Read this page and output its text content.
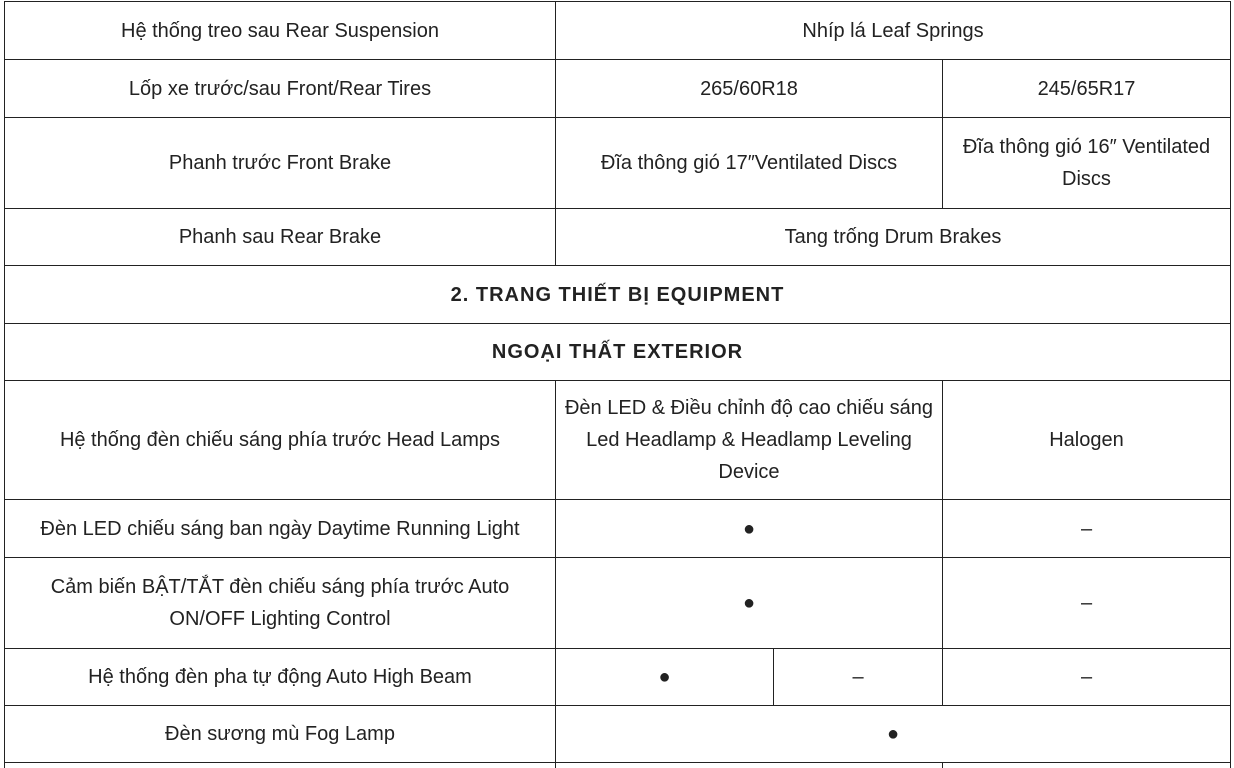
Hệ thống treo sau Rear Suspension	Nhíp lá Leaf Springs		
Lốp xe trước/sau Front/Rear Tires	265/60R18		245/65R17
Phanh trước Front Brake	Đĩa thông gió 17″Ventilated Discs		Đĩa thông gió 16″ Ventilated Discs
Phanh sau Rear Brake	Tang trống Drum Brakes		
2. TRANG THIẾT BỊ EQUIPMENT			
NGOẠI THẤT EXTERIOR			
Hệ thống đèn chiếu sáng phía trước Head Lamps	Đèn LED & Điều chỉnh độ cao chiếu sáng Led Headlamp & Headlamp Leveling Device		Halogen
Đèn LED chiếu sáng ban ngày Daytime Running Light	●		–
Cảm biến BẬT/TẮT đèn chiếu sáng phía trước Auto ON/OFF Lighting Control	●		–
Hệ thống đèn pha tự động Auto High Beam	●	–	–
Đèn sương mù Fog Lamp	●		
